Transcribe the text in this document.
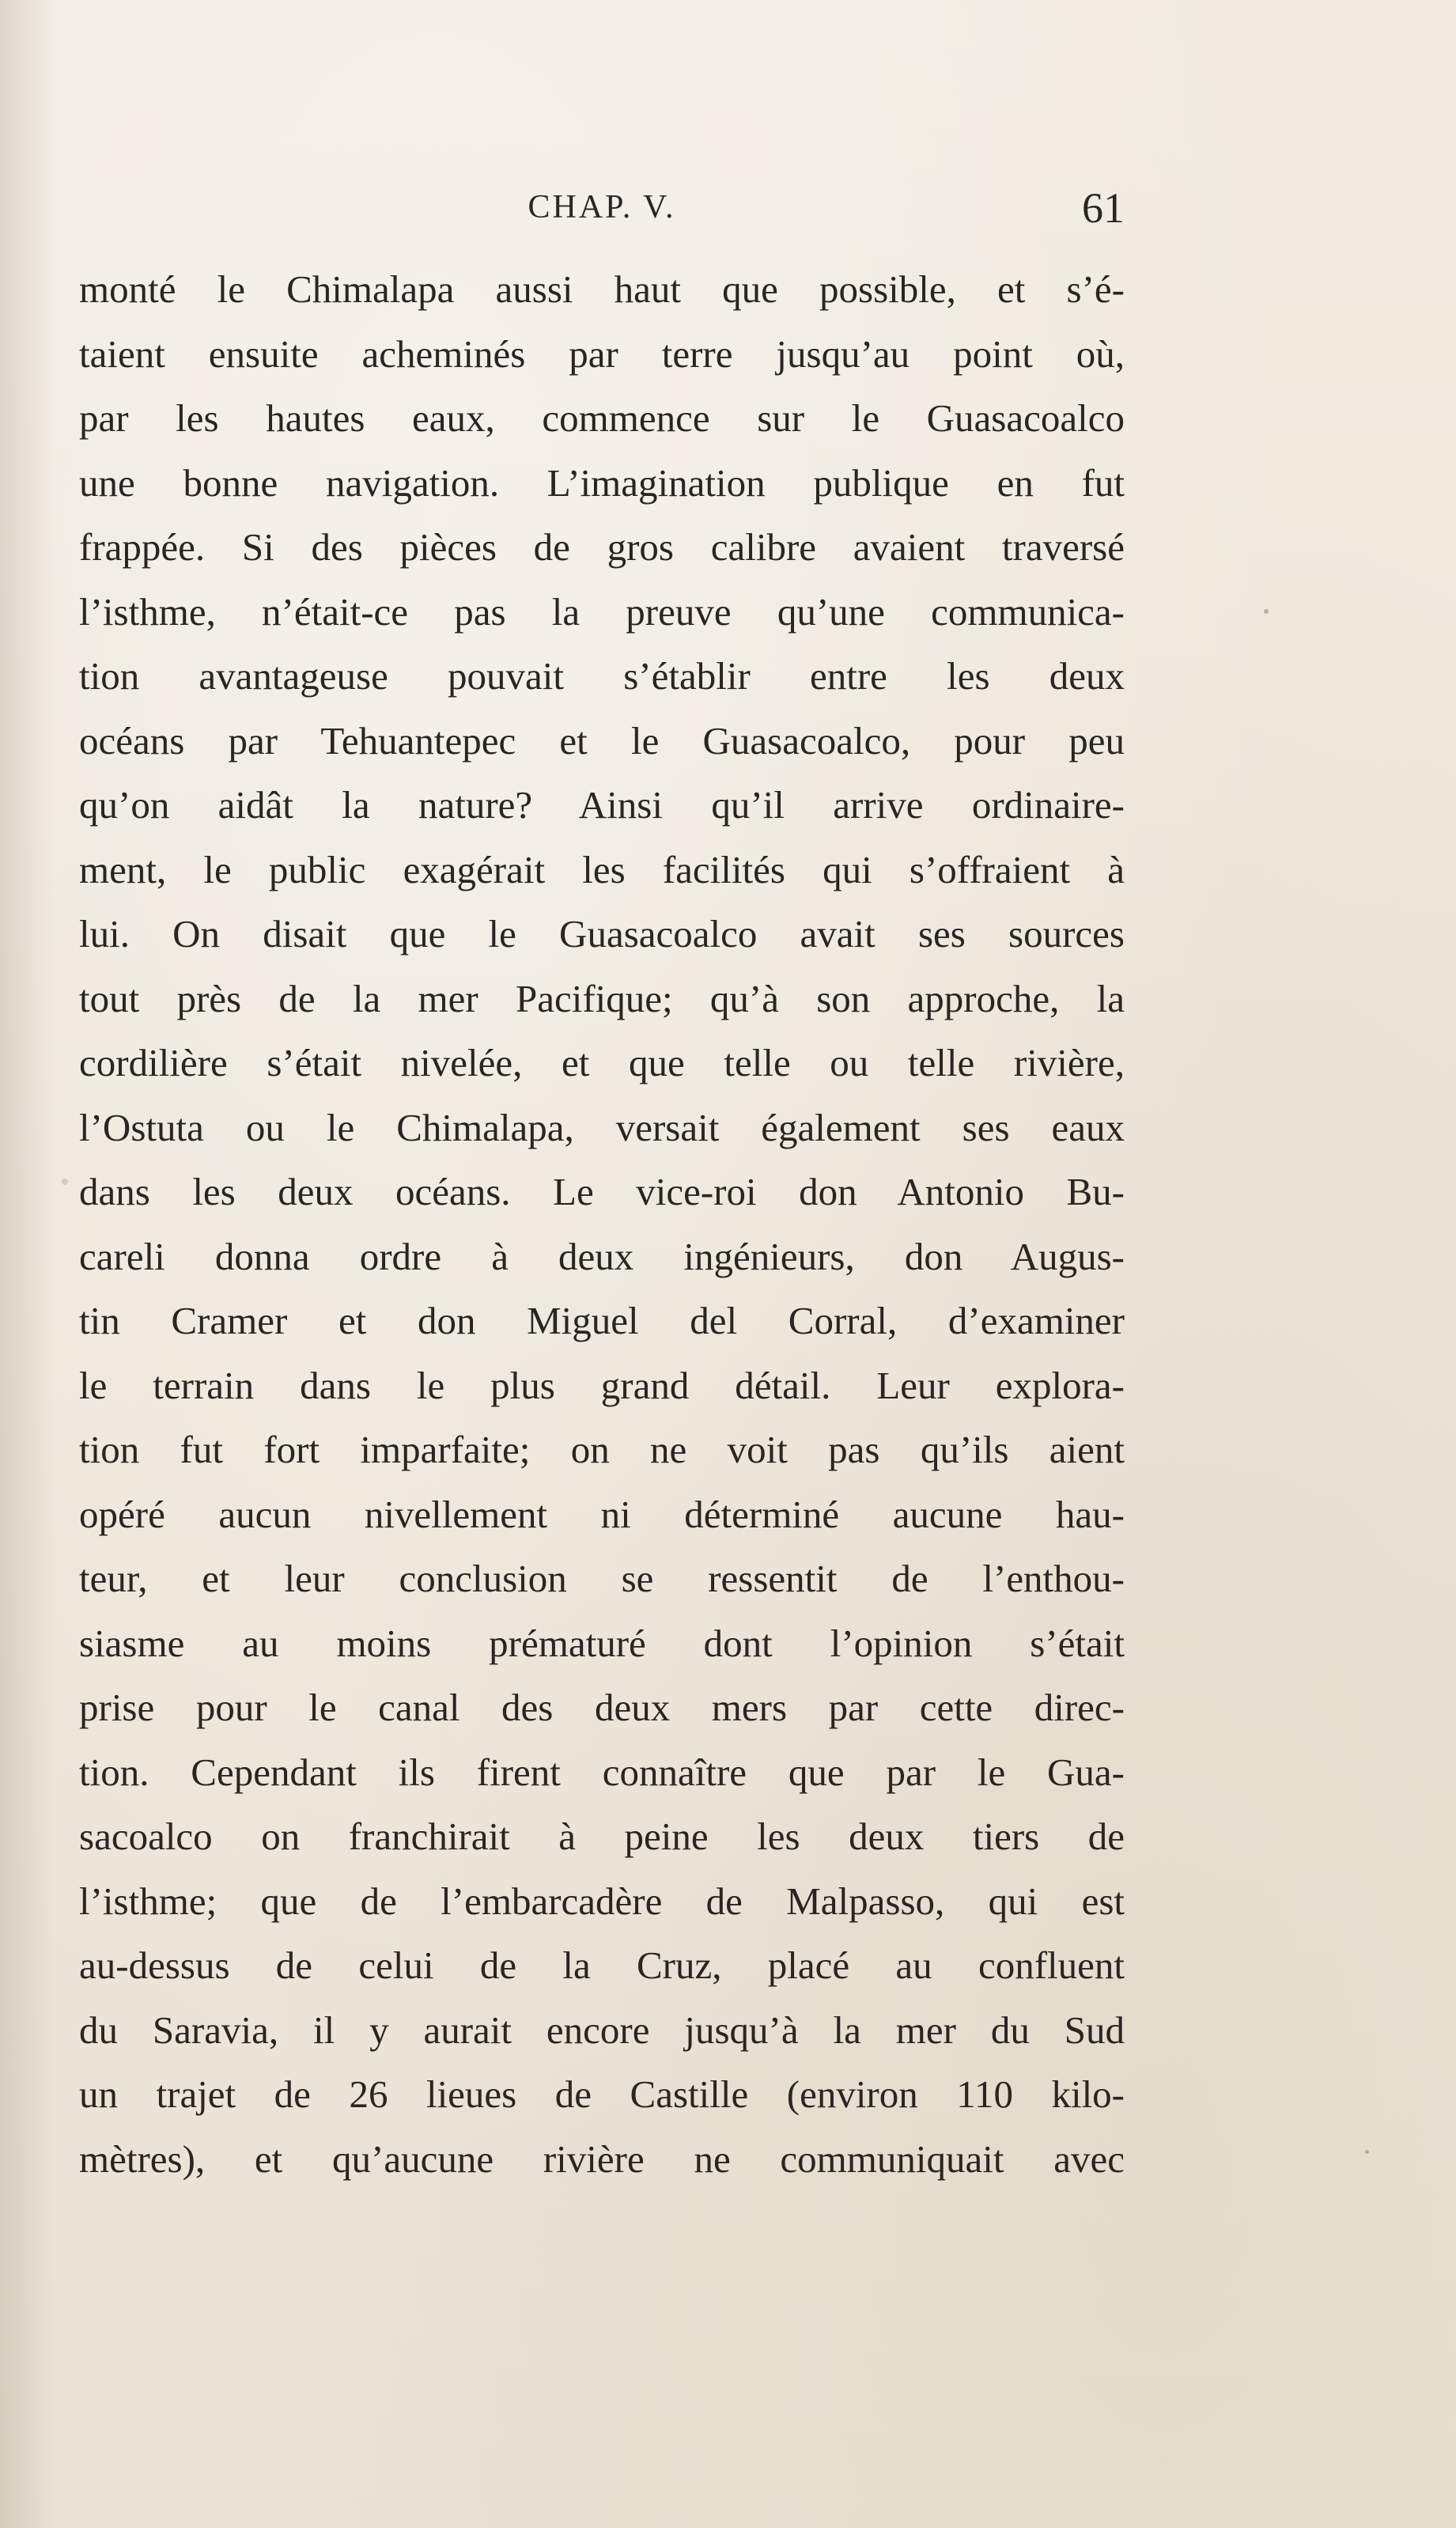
CHAP. V.	61
monté le Chimalapa aussi haut que possible, et s’é-
taient ensuite acheminés par terre jusqu’au point où,
par les hautes eaux, commence sur le Guasacoalco
une bonne navigation. L’imagination publique en fut
frappée. Si des pièces de gros calibre avaient traversé
l’isthme, n’était-ce pas la preuve qu’une communica-
tion avantageuse pouvait s’établir entre les deux
océans par Tehuantepec et le Guasacoalco, pour peu
qu’on aidât la nature? Ainsi qu’il arrive ordinaire-
ment, le public exagérait les facilités qui s’offraient à
lui. On disait que le Guasacoalco avait ses sources
tout près de la mer Pacifique; qu’à son approche, la
cordilière s’était nivelée, et que telle ou telle rivière,
l’Ostuta ou le Chimalapa, versait également ses eaux
dans les deux océans. Le vice-roi don Antonio Bu-
careli donna ordre à deux ingénieurs, don Augus-
tin Cramer et don Miguel del Corral, d’examiner
le terrain dans le plus grand détail. Leur explora-
tion fut fort imparfaite; on ne voit pas qu’ils aient
opéré aucun nivellement ni déterminé aucune hau-
teur, et leur conclusion se ressentit de l’enthou-
siasme au moins prématuré dont l’opinion s’était
prise pour le canal des deux mers par cette direc-
tion. Cependant ils firent connaître que par le Gua-
sacoalco on franchirait à peine les deux tiers de
l’isthme; que de l’embarcadère de Malpasso, qui est
au-dessus de celui de la Cruz, placé au confluent
du Saravia, il y aurait encore jusqu’à la mer du Sud
un trajet de 26 lieues de Castille (environ 110 kilo-
mètres), et qu’aucune rivière ne communiquait avec
